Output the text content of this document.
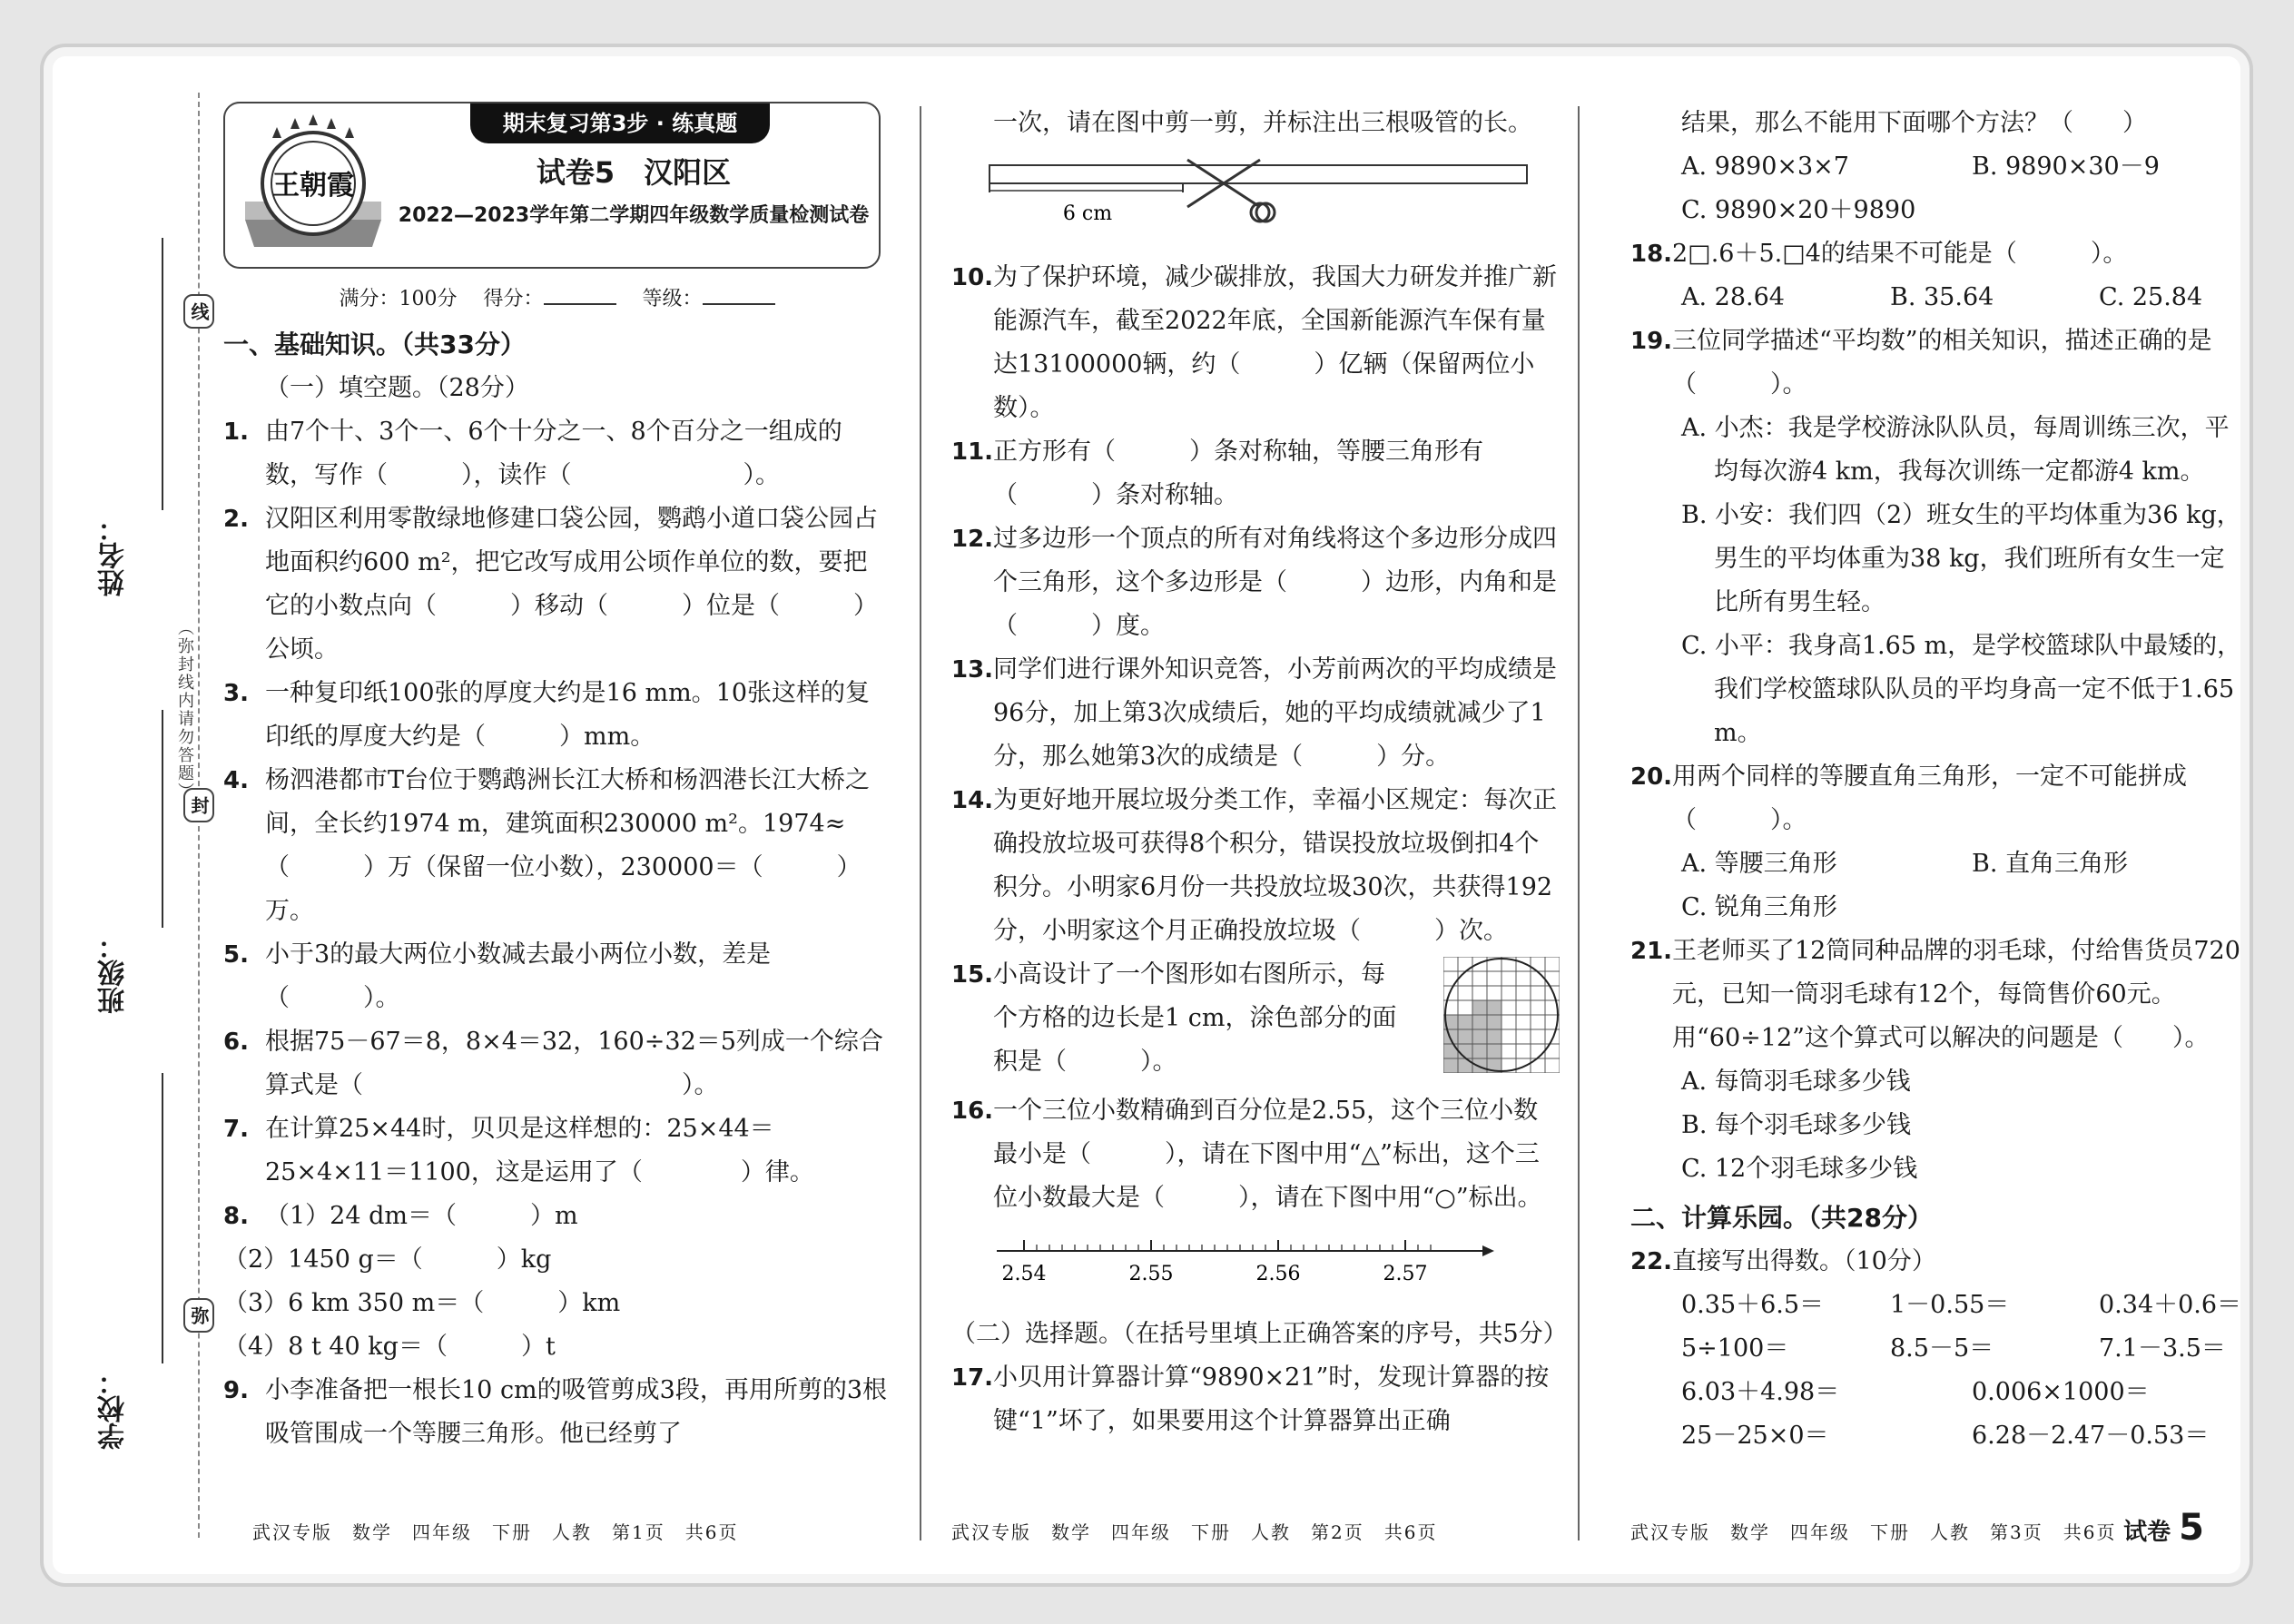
线
封
弥
姓名：
班级：
学校：
（弥封线内请勿答题）
王朝霞
期末复习第3步 · 练真题
试卷5　汉阳区
2022—2023学年第二学期四年级数学质量检测试卷
满分：100分　 得分：　	等级：
一、基础知识。（共33分）
（一）填空题。（28分）
1. 由7个十、3个一、6个十分之一、8个百分之一组成的数，写作（　　　），读作（　　　　　　　）。
2. 汉阳区利用零散绿地修建口袋公园，鹦鹉小道口袋公园占地面积约600 m²，把它改写成用公顷作单位的数，要把它的小数点向（　　　）移动（　　　）位是（　　　）公顷。
3. 一种复印纸100张的厚度大约是16 mm。10张这样的复印纸的厚度大约是（　　　）mm。
4. 杨泗港都市T台位于鹦鹉洲长江大桥和杨泗港长江大桥之间，全长约1974 m，建筑面积230000 m²。1974≈（　　　）万（保留一位小数），230000＝（　　　）万。
5. 小于3的最大两位小数减去最小两位小数，差是（　　　）。
6. 根据75－67＝8，8×4＝32，160÷32＝5列成一个综合算式是（　　　　　　　　　　　　　）。
7. 在计算25×44时，贝贝是这样想的：25×44＝25×4×11＝1100，这是运用了（　　　　）律。
8. （1）24 dm＝（　　　）m
（2）1450 g＝（　　　）kg
（3）6 km 350 m＝（　　　）km
（4）8 t 40 kg＝（　　　）t
9. 小李准备把一根长10 cm的吸管剪成3段，再用所剪的3根吸管围成一个等腰三角形。他已经剪了
一次，请在图中剪一剪，并标注出三根吸管的长。
6 cm
10. 为了保护环境，减少碳排放，我国大力研发并推广新能源汽车，截至2022年底，全国新能源汽车保有量达13100000辆，约（　　　）亿辆（保留两位小数）。
11. 正方形有（　　　）条对称轴，等腰三角形有（　　　）条对称轴。
12. 过多边形一个顶点的所有对角线将这个多边形分成四个三角形，这个多边形是（　　　）边形，内角和是（　　　）度。
13. 同学们进行课外知识竞答，小芳前两次的平均成绩是96分，加上第3次成绩后，她的平均成绩就减少了1分，那么她第3次的成绩是（　　　）分。
14. 为更好地开展垃圾分类工作，幸福小区规定：每次正确投放垃圾可获得8个积分，错误投放垃圾倒扣4个积分。小明家6月份一共投放垃圾30次，共获得192分，小明家这个月正确投放垃圾（　　　）次。
15. 小高设计了一个图形如右图所示，每个方格的边长是1 cm，涂色部分的面积是（　　　）。
16. 一个三位小数精确到百分位是2.55，这个三位小数最小是（　　　），请在下图中用“△”标出，这个三位小数最大是（　　　），请在下图中用“○”标出。
2.54	2.55	2.56	2.57
（二）选择题。（在括号里填上正确答案的序号，共5分）
17. 小贝用计算器计算“9890×21”时，发现计算器的按键“1”坏了，如果要用这个计算器算出正确
结果，那么不能用下面哪个方法？（　　）
A. 9890×3×7	B. 9890×30－9
C. 9890×20＋9890
18. 2□.6＋5.□4的结果不可能是（　　　）。
A. 28.64	B. 35.64	C. 25.84
19. 三位同学描述“平均数”的相关知识，描述正确的是（　　　）。
A. 小杰：我是学校游泳队队员，每周训练三次，平均每次游4 km，我每次训练一定都游4 km。
B. 小安：我们四（2）班女生的平均体重为36 kg，男生的平均体重为38 kg，我们班所有女生一定比所有男生轻。
C. 小平：我身高1.65 m，是学校篮球队中最矮的，我们学校篮球队队员的平均身高一定不低于1.65 m。
20. 用两个同样的等腰直角三角形，一定不可能拼成（　　　）。
A. 等腰三角形	B. 直角三角形
C. 锐角三角形
21. 王老师买了12筒同种品牌的羽毛球，付给售货员720元，已知一筒羽毛球有12个，每筒售价60元。用“60÷12”这个算式可以解决的问题是（　　）。
A. 每筒羽毛球多少钱
B. 每个羽毛球多少钱
C. 12个羽毛球多少钱
二、计算乐园。（共28分）
22. 直接写出得数。（10分）
0.35＋6.5＝	1－0.55＝	0.34＋0.6＝
5÷100＝	8.5－5＝	7.1－3.5＝
6.03＋4.98＝	0.006×1000＝
25－25×0＝	6.28－2.47－0.53＝
武汉专版　数学　四年级　下册　人教　第1页　共6页	武汉专版　数学　四年级　下册　人教　第2页　共6页	武汉专版　数学　四年级　下册　人教　第3页　共6页 试卷 5
